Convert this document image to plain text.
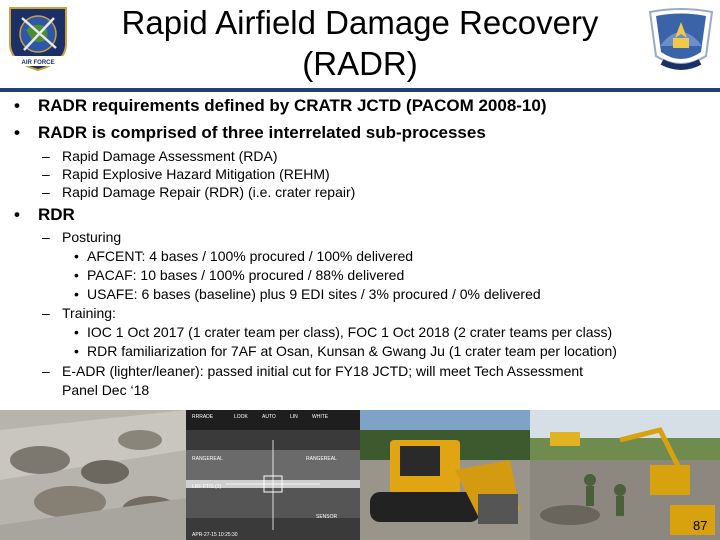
AIR FORCE
Rapid Airfield Damage Recovery
(RADR)
• RADR requirements defined by CRATR JCTD (PACOM 2008-10)
• RADR is comprised of three interrelated sub-processes
– Rapid Damage Assessment (RDA)
– Rapid Explosive Hazard Mitigation (REHM)
– Rapid Damage Repair (RDR) (i.e. crater repair)
• RDR
– Posturing
• AFCENT: 4 bases / 100% procured / 100% delivered
• PACAF: 10 bases / 100% procured / 88% delivered
• USAFE: 6 bases (baseline) plus 9 EDI sites / 3% procured / 0% delivered
– Training:
• IOC 1 Oct 2017 (1 crater team per class), FOC 1 Oct 2018 (2 crater teams per class)
• RDR familiarization for 7AF at Osan, Kunsan & Gwang Ju (1 crater team per location)
– E-ADR (lighter/leaner): passed initial cut for FY18 JCTD; will meet Tech Assessment
Panel Dec ‘18
RRRADE	LOOK	AUTO	LIN	WHITE
RANGEREAL	RANGEREAL
LRF FT/S (2)
SENSOR
APR-27-15 10:25:30
87
